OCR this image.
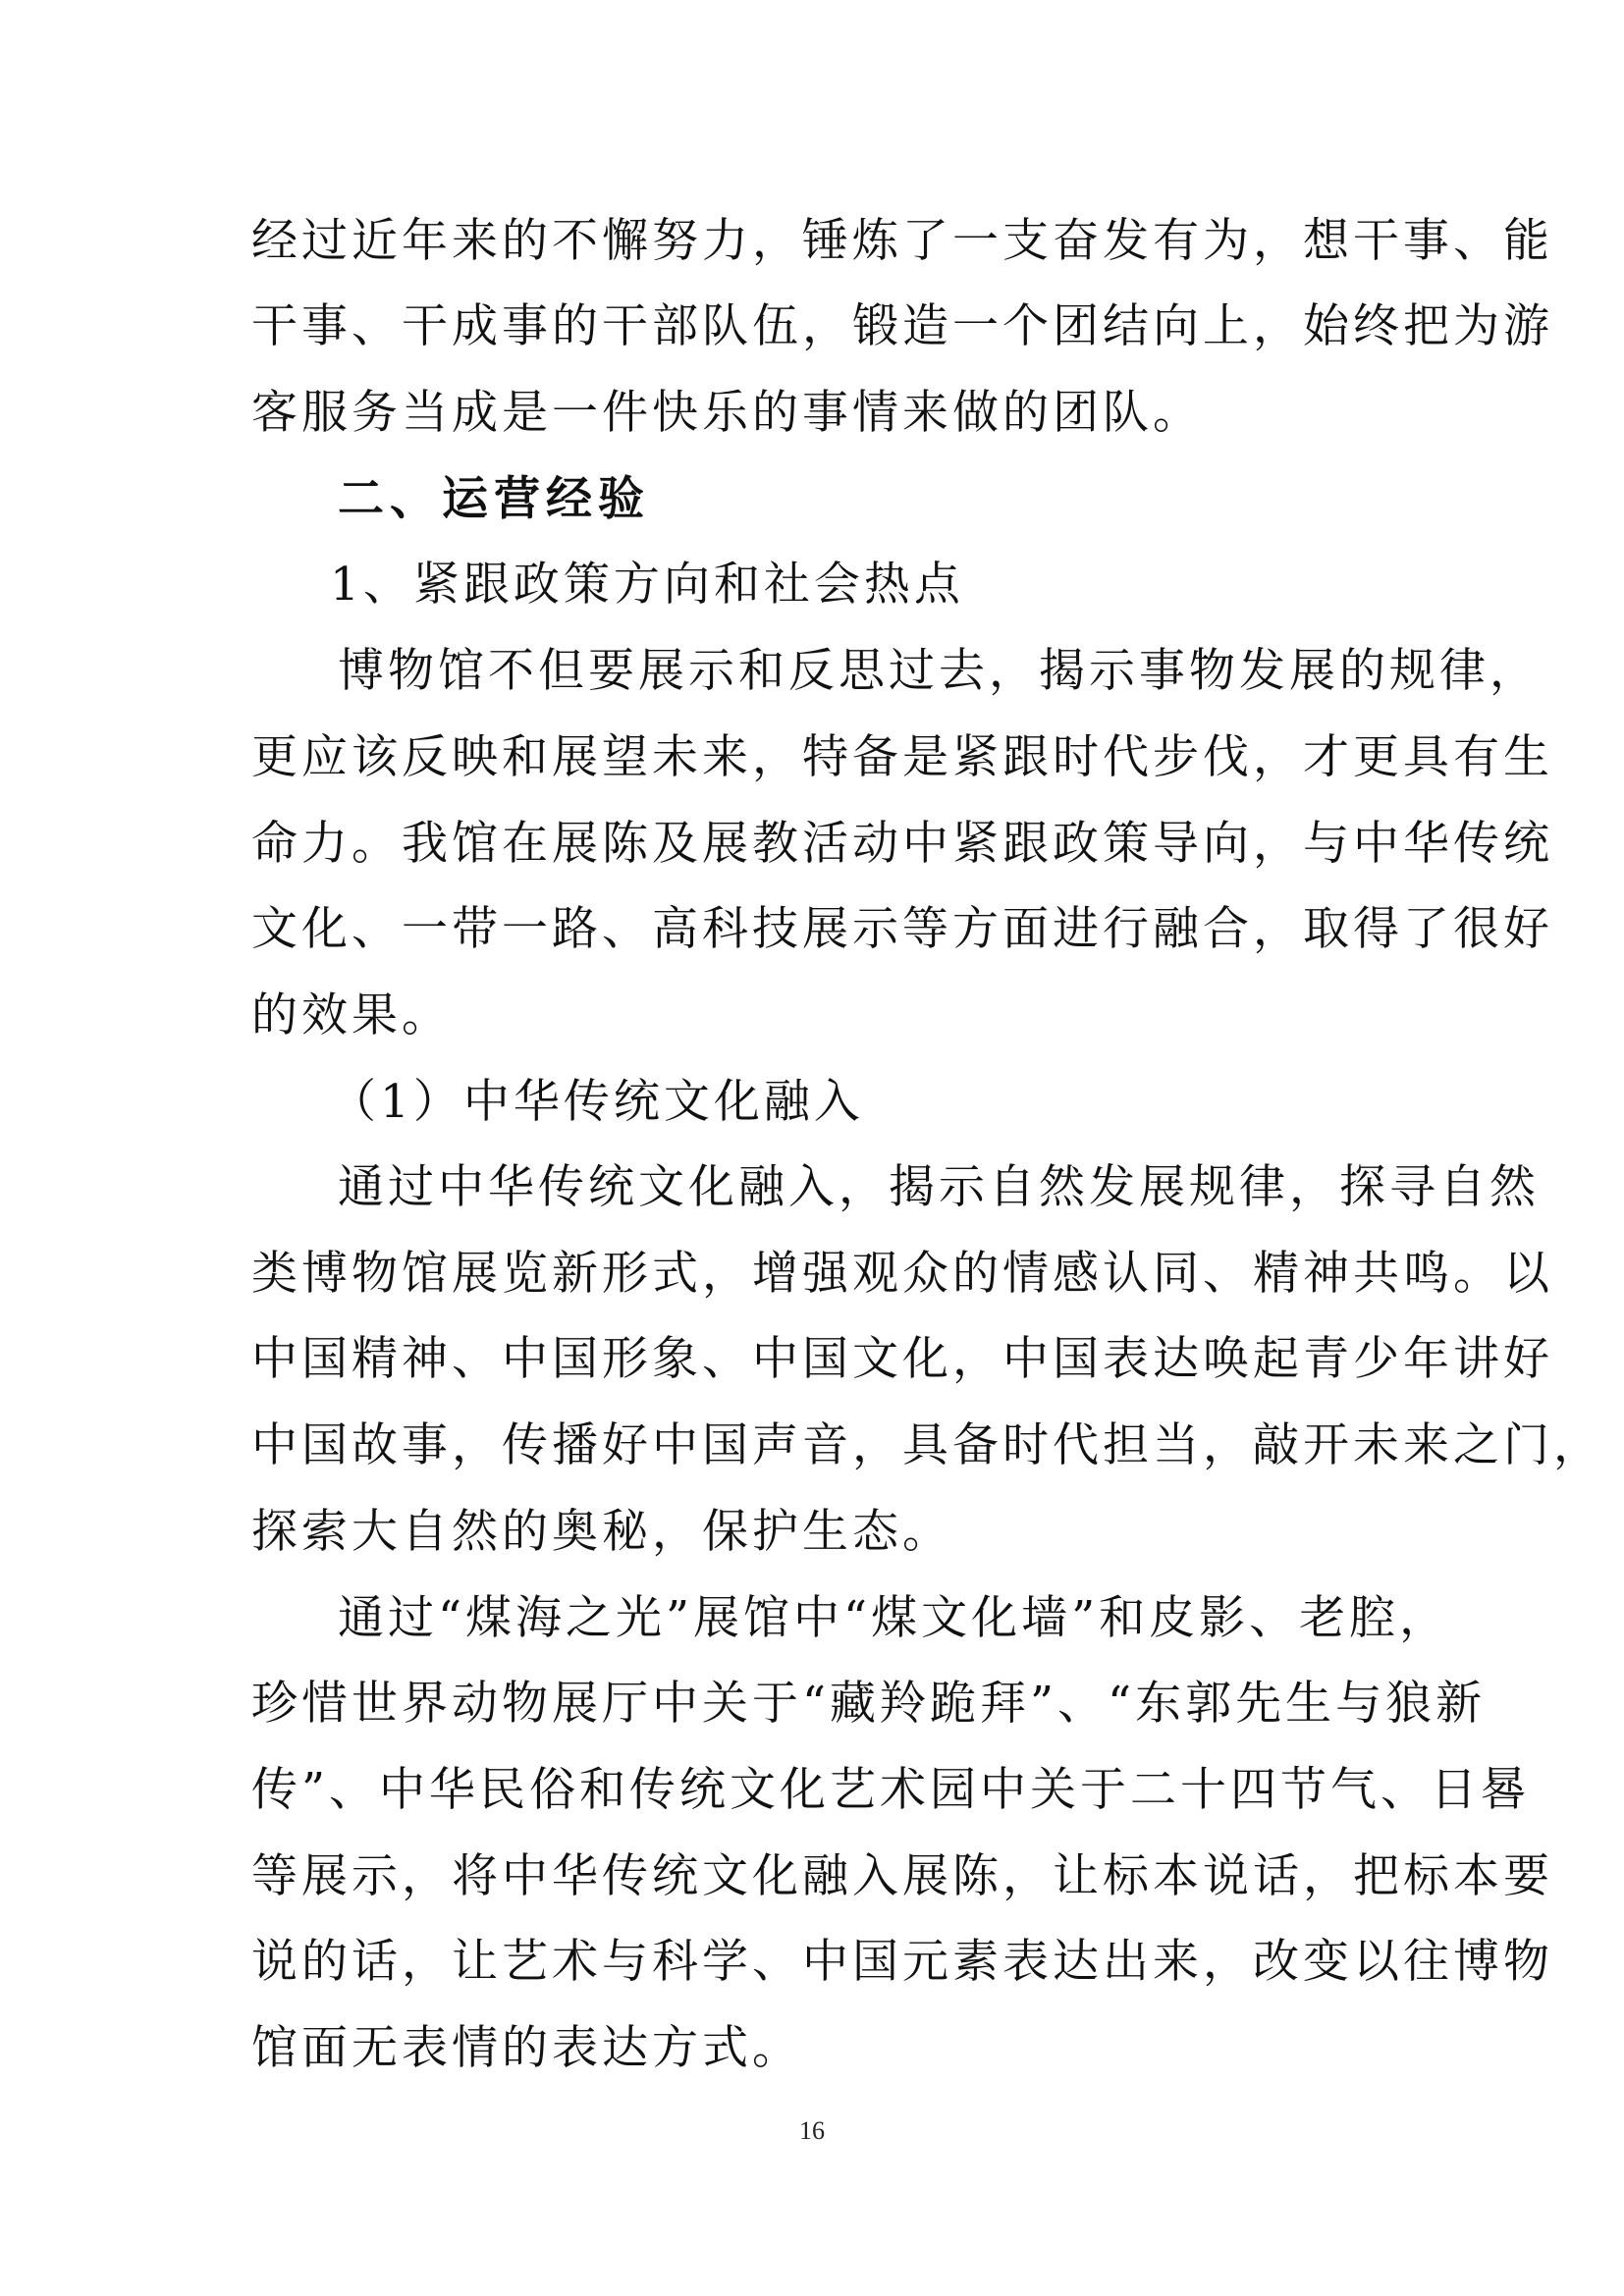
经过近年来的不懈努力，锤炼了一支奋发有为，想干事、能
干事、干成事的干部队伍，锻造一个团结向上，始终把为游
客服务当成是一件快乐的事情来做的团队。
二、运营经验
1、紧跟政策方向和社会热点
博物馆不但要展示和反思过去，揭示事物发展的规律，
更应该反映和展望未来，特备是紧跟时代步伐，才更具有生
命力。我馆在展陈及展教活动中紧跟政策导向，与中华传统
文化、一带一路、高科技展示等方面进行融合，取得了很好
的效果。
（1）中华传统文化融入
通过中华传统文化融入，揭示自然发展规律，探寻自然
类博物馆展览新形式，增强观众的情感认同、精神共鸣。以
中国精神、中国形象、中国文化，中国表达唤起青少年讲好
中国故事，传播好中国声音，具备时代担当，敲开未来之门，
探索大自然的奥秘，保护生态。
通过“煤海之光”展馆中“煤文化墙”和皮影、老腔，
珍惜世界动物展厅中关于“藏羚跪拜”、“东郭先生与狼新
传”、中华民俗和传统文化艺术园中关于二十四节气、日晷
等展示，将中华传统文化融入展陈，让标本说话，把标本要
说的话，让艺术与科学、中国元素表达出来，改变以往博物
馆面无表情的表达方式。
16
